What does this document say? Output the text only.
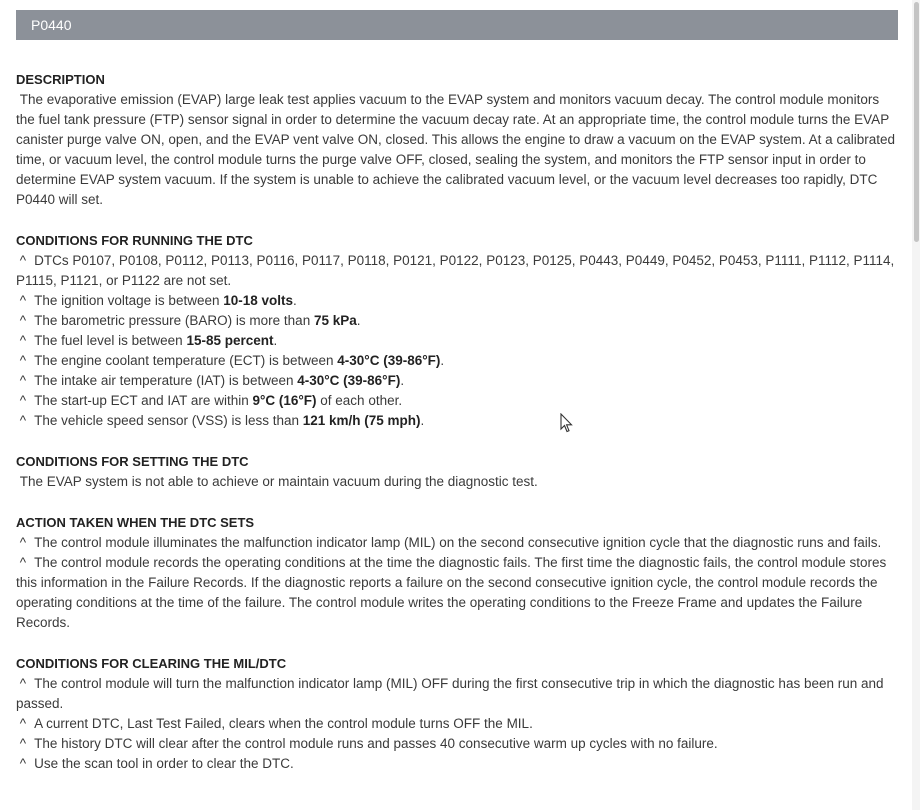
P0440
DESCRIPTION
The evaporative emission (EVAP) large leak test applies vacuum to the EVAP system and monitors vacuum decay. The control module monitors the fuel tank pressure (FTP) sensor signal in order to determine the vacuum decay rate. At an appropriate time, the control module turns the EVAP canister purge valve ON, open, and the EVAP vent valve ON, closed. This allows the engine to draw a vacuum on the EVAP system. At a calibrated time, or vacuum level, the control module turns the purge valve OFF, closed, sealing the system, and monitors the FTP sensor input in order to determine EVAP system vacuum. If the system is unable to achieve the calibrated vacuum level, or the vacuum level decreases too rapidly, DTC P0440 will set.
CONDITIONS FOR RUNNING THE DTC
^ DTCs P0107, P0108, P0112, P0113, P0116, P0117, P0118, P0121, P0122, P0123, P0125, P0443, P0449, P0452, P0453, P1111, P1112, P1114, P1115, P1121, or P1122 are not set.
^ The ignition voltage is between 10-18 volts.
^ The barometric pressure (BARO) is more than 75 kPa.
^ The fuel level is between 15-85 percent.
^ The engine coolant temperature (ECT) is between 4-30°C (39-86°F).
^ The intake air temperature (IAT) is between 4-30°C (39-86°F).
^ The start-up ECT and IAT are within 9°C (16°F) of each other.
^ The vehicle speed sensor (VSS) is less than 121 km/h (75 mph).
CONDITIONS FOR SETTING THE DTC
The EVAP system is not able to achieve or maintain vacuum during the diagnostic test.
ACTION TAKEN WHEN THE DTC SETS
^ The control module illuminates the malfunction indicator lamp (MIL) on the second consecutive ignition cycle that the diagnostic runs and fails.
^ The control module records the operating conditions at the time the diagnostic fails. The first time the diagnostic fails, the control module stores this information in the Failure Records. If the diagnostic reports a failure on the second consecutive ignition cycle, the control module records the operating conditions at the time of the failure. The control module writes the operating conditions to the Freeze Frame and updates the Failure Records.
CONDITIONS FOR CLEARING THE MIL/DTC
^ The control module will turn the malfunction indicator lamp (MIL) OFF during the first consecutive trip in which the diagnostic has been run and passed.
^ A current DTC, Last Test Failed, clears when the control module turns OFF the MIL.
^ The history DTC will clear after the control module runs and passes 40 consecutive warm up cycles with no failure.
^ Use the scan tool in order to clear the DTC.
